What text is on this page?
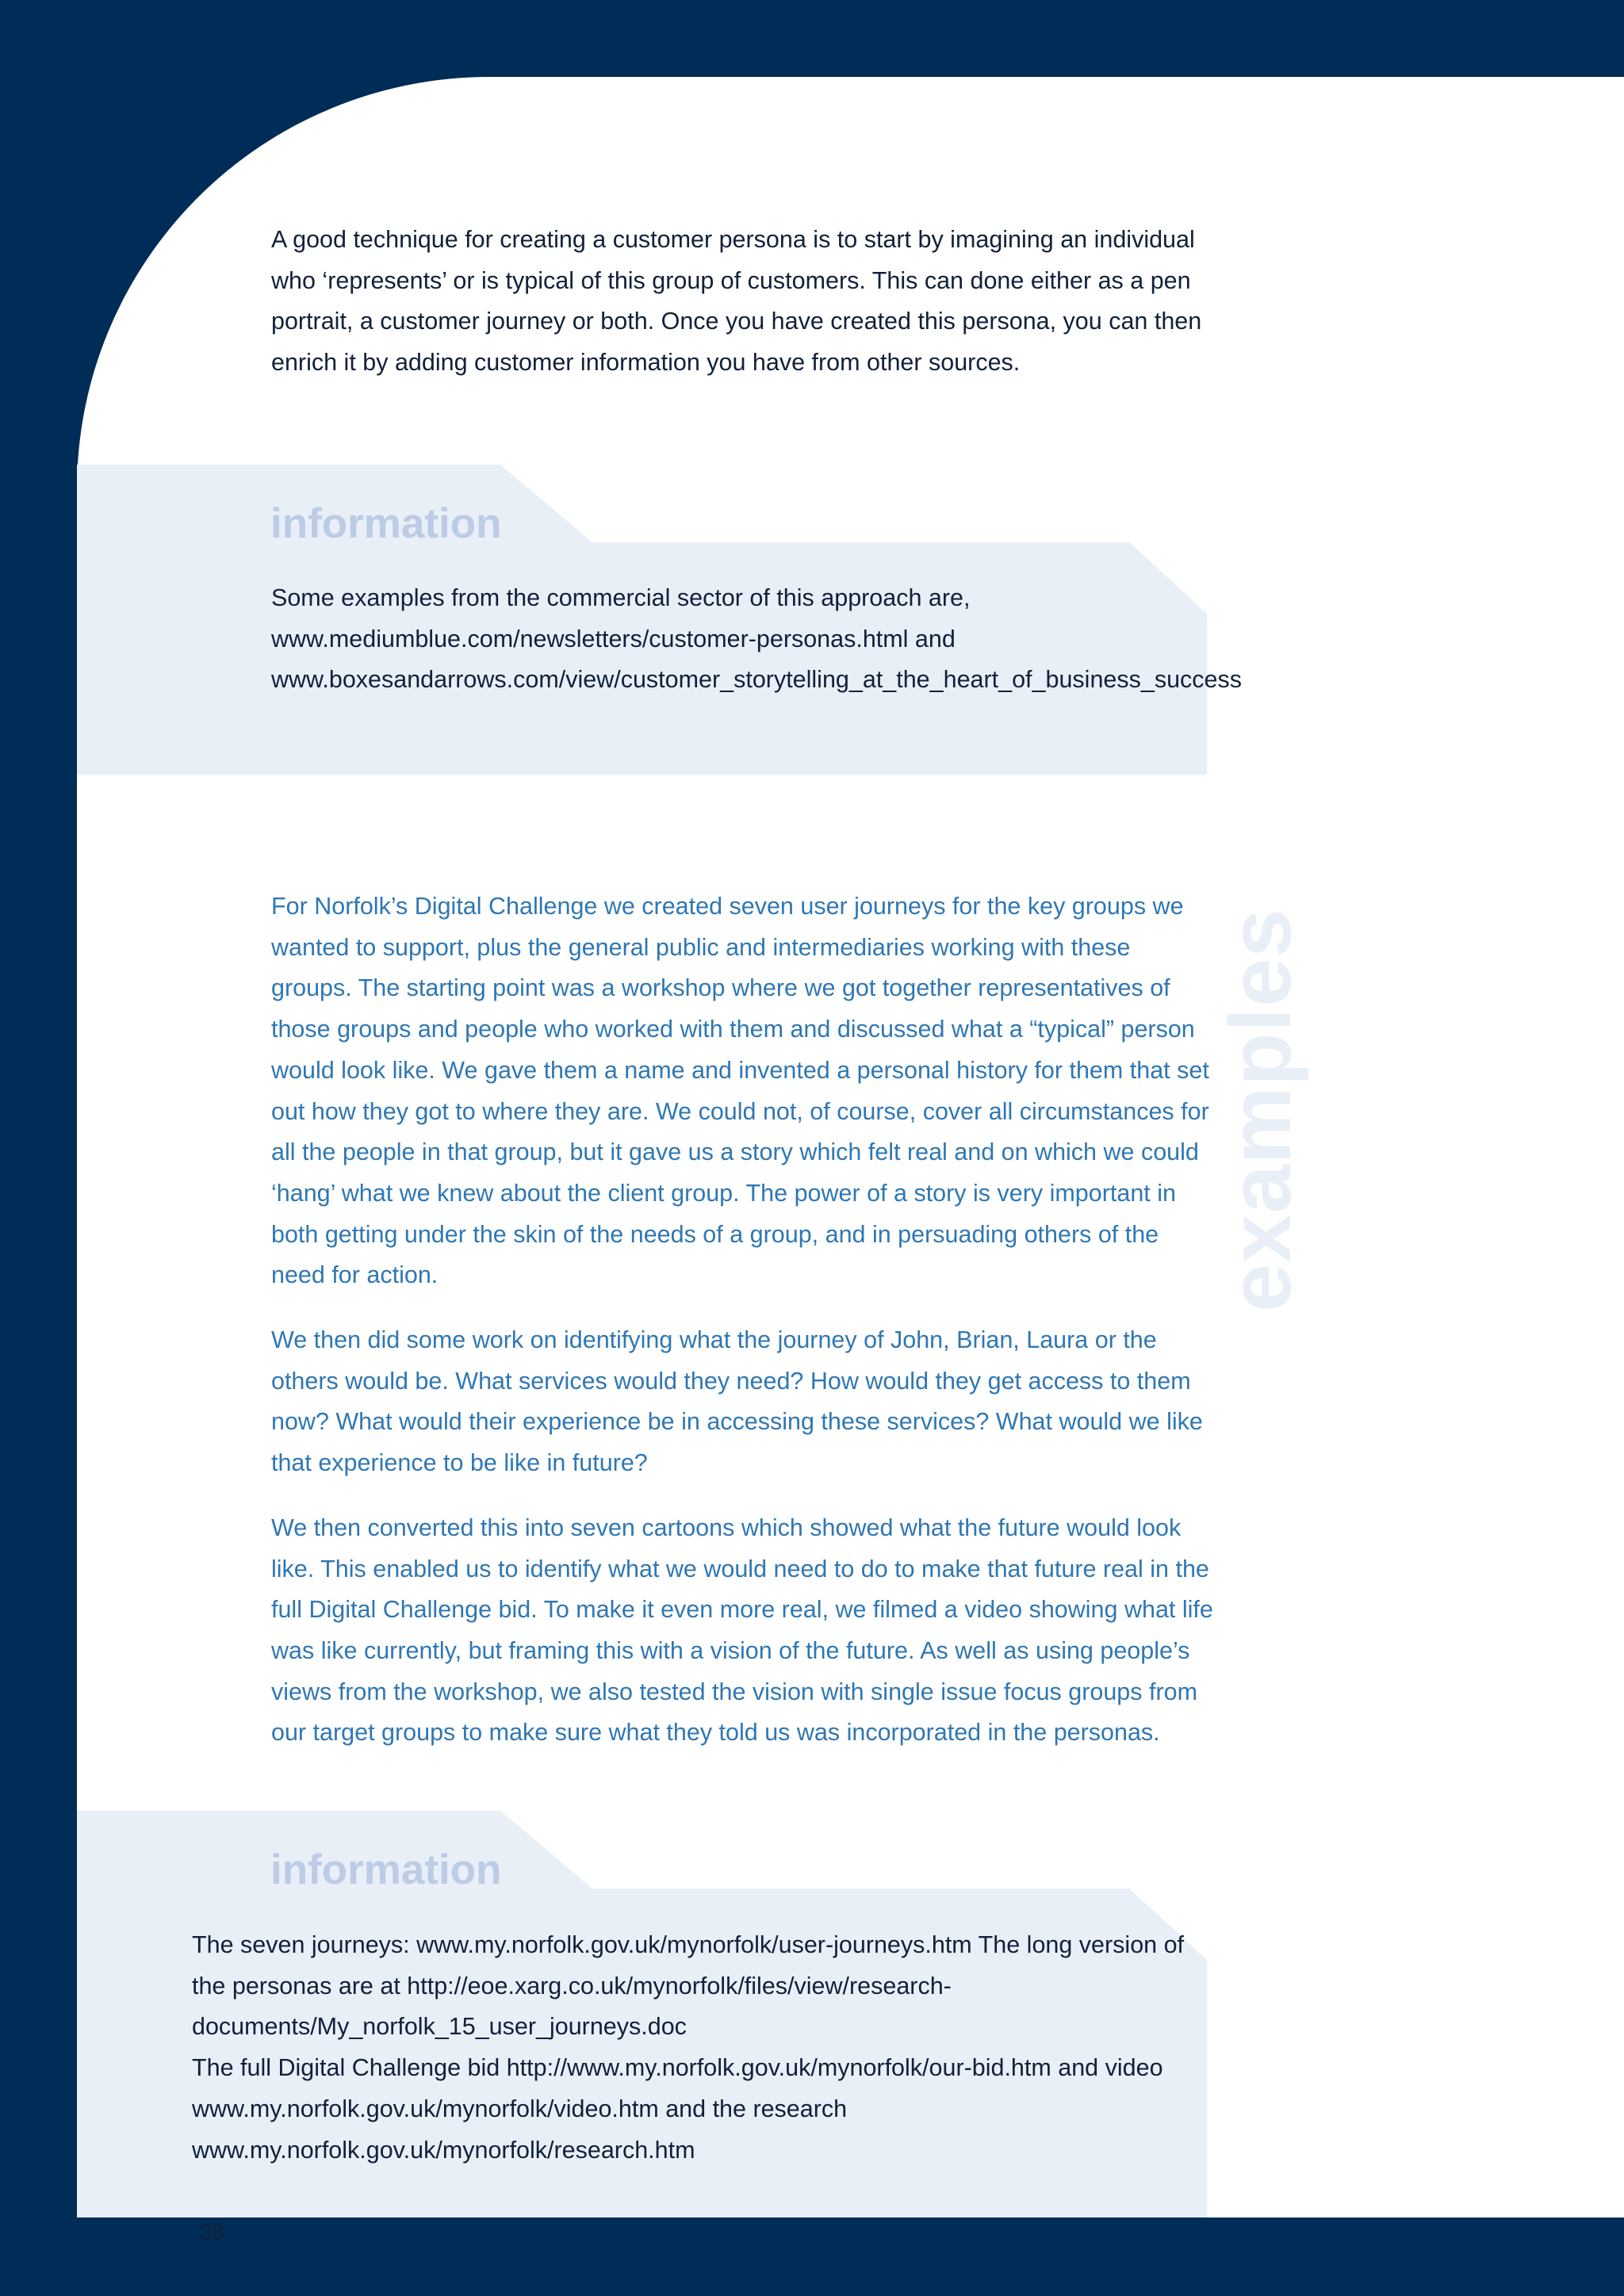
A good technique for creating a customer persona is to start by imagining an individual who ‘represents’ or is typical of this group of customers. This can done either as a pen portrait, a customer journey or both. Once you have created this persona, you can then enrich it by adding customer information you have from other sources.

information

Some examples from the commercial sector of this approach are, www.mediumblue.com/newsletters/customer-personas.html and www.boxesandarrows.com/view/customer_storytelling_at_the_heart_of_business_success

For Norfolk’s Digital Challenge we created seven user journeys for the key groups we wanted to support, plus the general public and intermediaries working with these groups. The starting point was a workshop where we got together representatives of those groups and people who worked with them and discussed what a “typical” person would look like. We gave them a name and invented a personal history for them that set out how they got to where they are. We could not, of course, cover all circumstances for all the people in that group, but it gave us a story which felt real and on which we could ‘hang’ what we knew about the client group. The power of a story is very important in both getting under the skin of the needs of a group, and in persuading others of the need for action.

We then did some work on identifying what the journey of John, Brian, Laura or the others would be. What services would they need? How would they get access to them now? What would their experience be in accessing these services? What would we like that experience to be like in future?

We then converted this into seven cartoons which showed what the future would look like. This enabled us to identify what we would need to do to make that future real in the full Digital Challenge bid. To make it even more real, we filmed a video showing what life was like currently, but framing this with a vision of the future. As well as using people’s views from the workshop, we also tested the vision with single issue focus groups from our target groups to make sure what they told us was incorporated in the personas.

examples
information

The seven journeys: www.my.norfolk.gov.uk/mynorfolk/user-journeys.htm The long version of the personas are at http://eoe.xarg.co.uk/mynorfolk/files/view/research-documents/My_norfolk_15_user_journeys.doc

The full Digital Challenge bid http://www.my.norfolk.gov.uk/mynorfolk/our-bid.htm and video www.my.norfolk.gov.uk/mynorfolk/video.htm and the research www.my.norfolk.gov.uk/mynorfolk/research.htm

38
